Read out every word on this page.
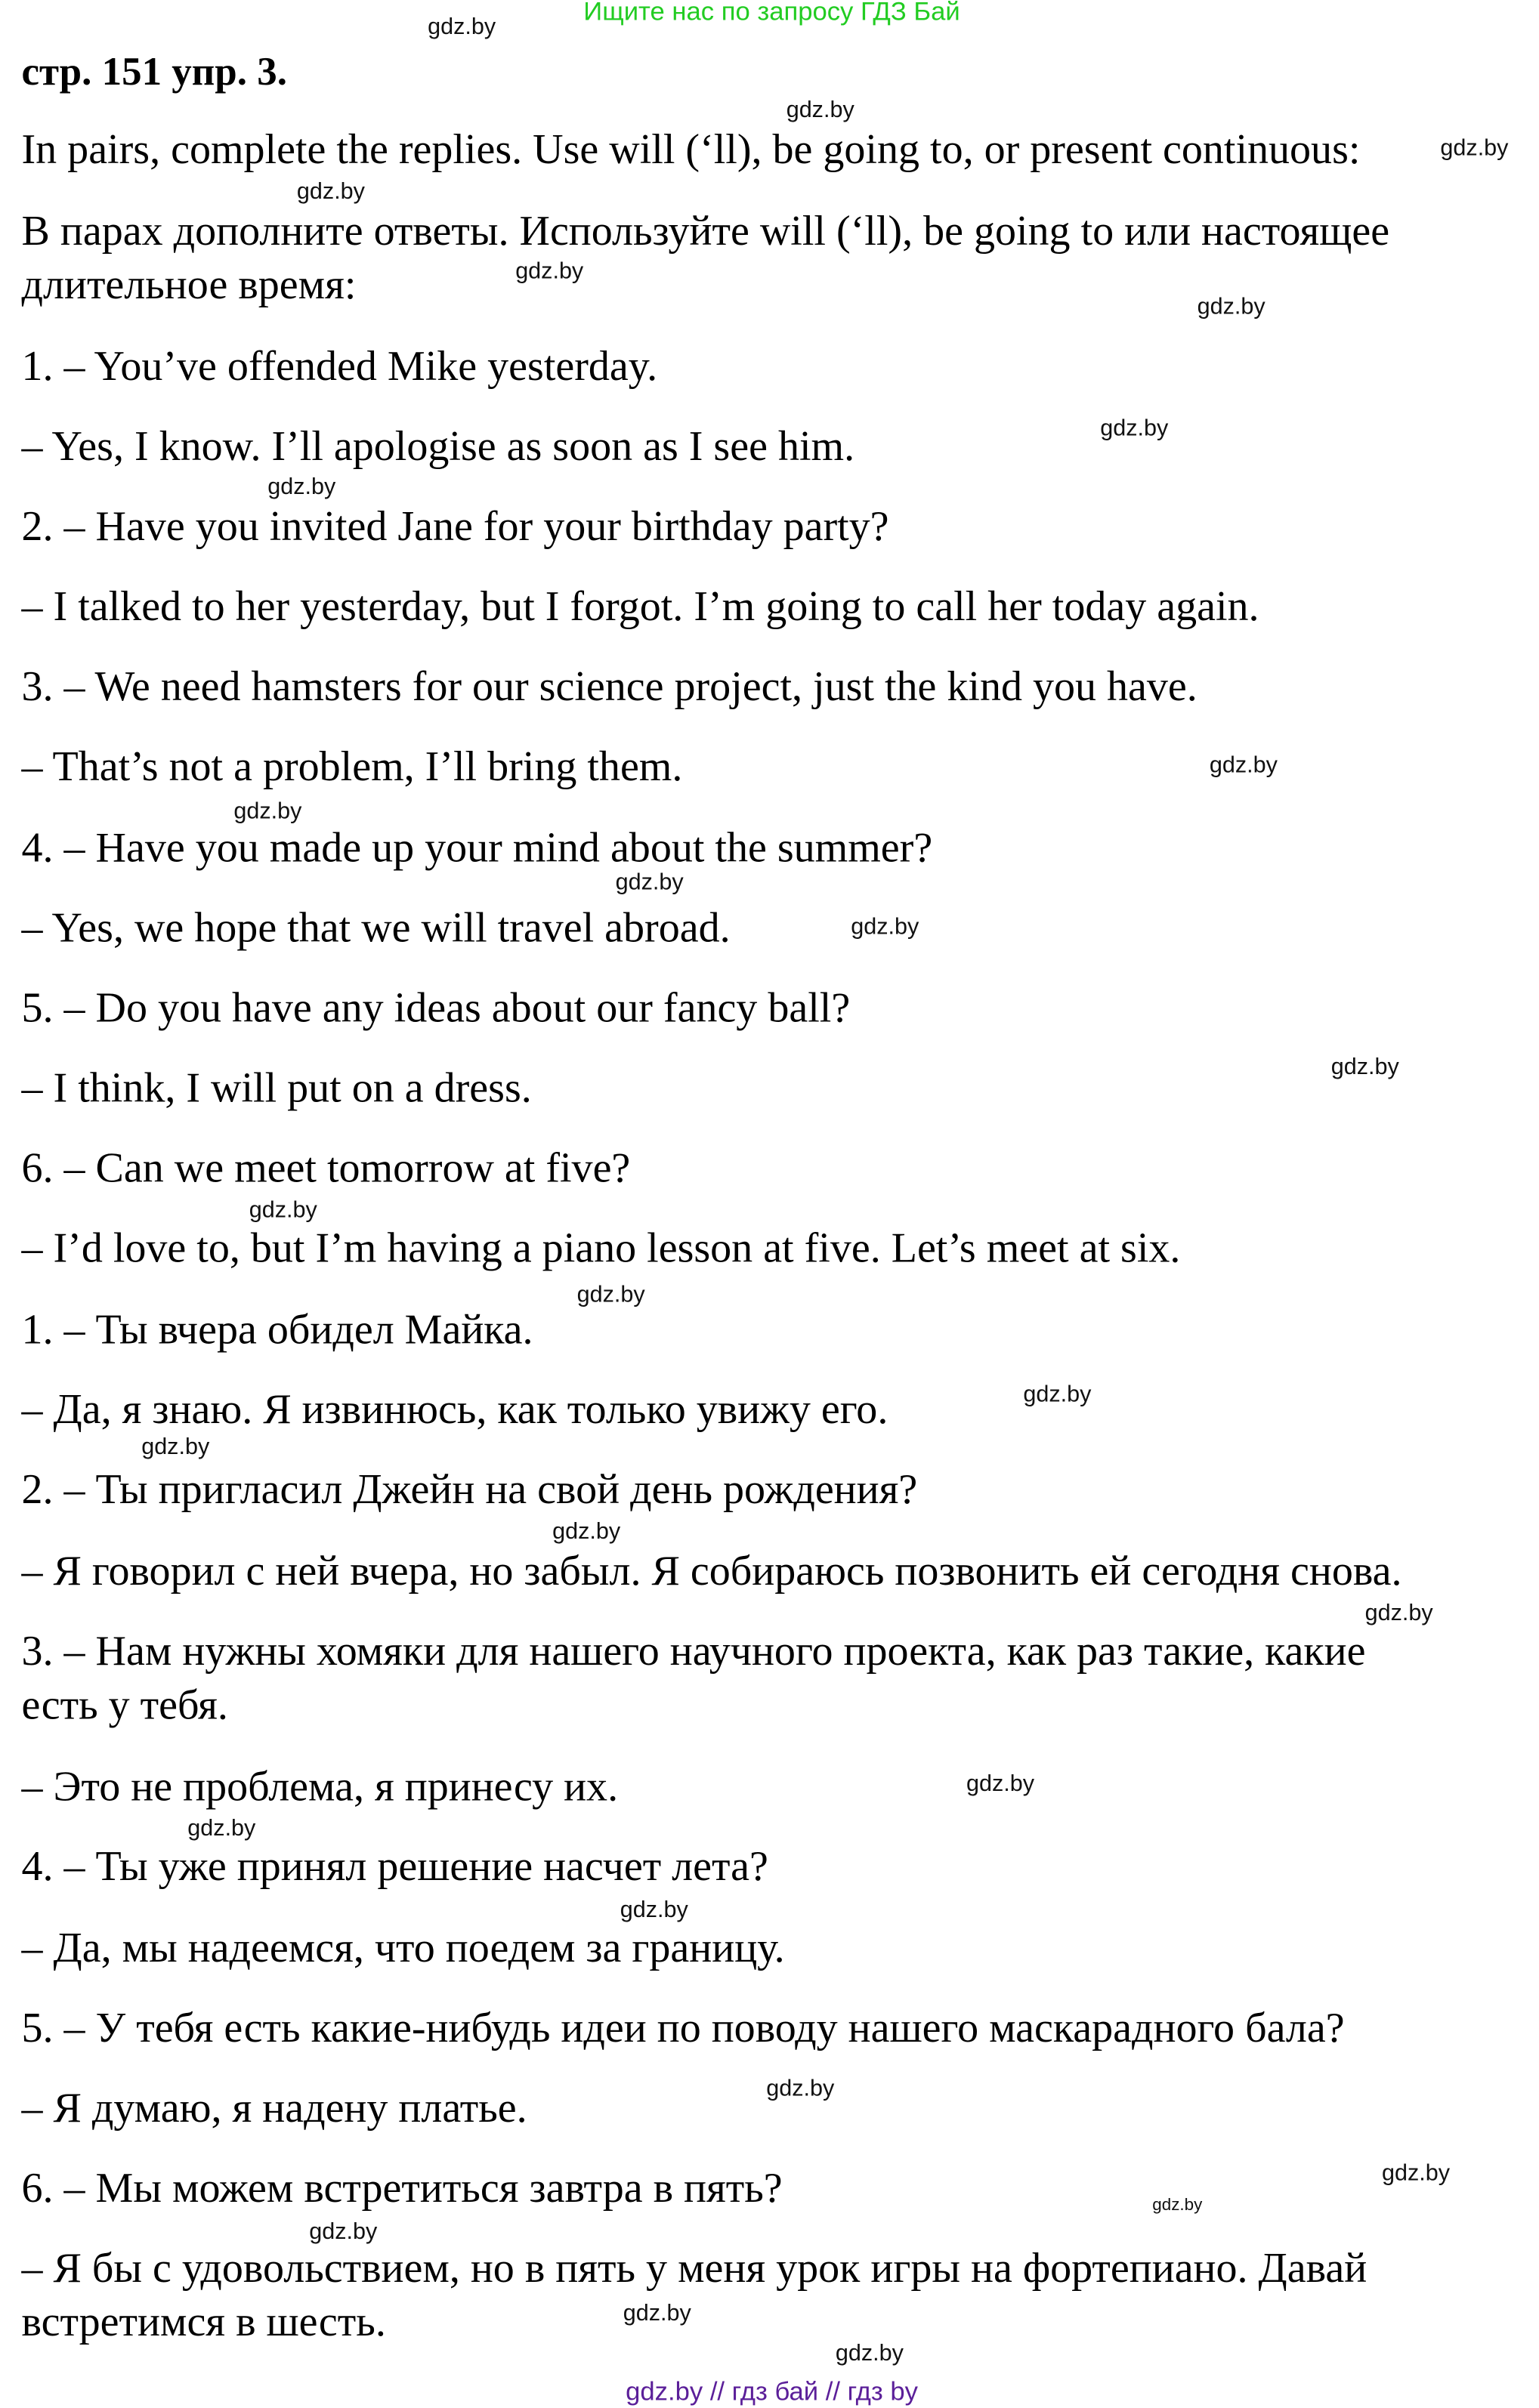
Ищите нас по запросу ГДЗ Бай
стр. 151 упр. 3.
In pairs, complete the replies. Use will (‘ll), be going to, or present continuous:
В парах дополните ответы. Используйте will (‘ll), be going to или настоящее
длительное время:
1. – You’ve offended Mike yesterday.
– Yes, I know. I’ll apologise as soon as I see him.
2. – Have you invited Jane for your birthday party?
– I talked to her yesterday, but I forgot. I’m going to call her today again.
3. – We need hamsters for our science project, just the kind you have.
– That’s not a problem, I’ll bring them.
4. – Have you made up your mind about the summer?
– Yes, we hope that we will travel abroad.
5. – Do you have any ideas about our fancy ball?
– I think, I will put on a dress.
6. – Can we meet tomorrow at five?
– I’d love to, but I’m having a piano lesson at five. Let’s meet at six.
1. – Ты вчера обидел Майка.
– Да, я знаю. Я извинюсь, как только увижу его.
2. – Ты пригласил Джейн на свой день рождения?
– Я говорил с ней вчера, но забыл. Я собираюсь позвонить ей сегодня снова.
3. – Нам нужны хомяки для нашего научного проекта, как раз такие, какие
есть у тебя.
– Это не проблема, я принесу их.
4. – Ты уже принял решение насчет лета?
– Да, мы надеемся, что поедем за границу.
5. – У тебя есть какие-нибудь идеи по поводу нашего маскарадного бала?
– Я думаю, я надену платье.
6. – Мы можем встретиться завтра в пять?
– Я бы с удовольствием, но в пять у меня урок игры на фортепиано. Давай
встретимся в шесть.
gdz.by
gdz.by
gdz.by
gdz.by
gdz.by
gdz.by
gdz.by
gdz.by
gdz.by
gdz.by
gdz.by
gdz.by
gdz.by
gdz.by
gdz.by
gdz.by
gdz.by
gdz.by
gdz.by
gdz.by
gdz.by
gdz.by
gdz.by
gdz.by
gdz.by
gdz.by
gdz.by
gdz.by
gdz.by // гдз бай // гдз by
